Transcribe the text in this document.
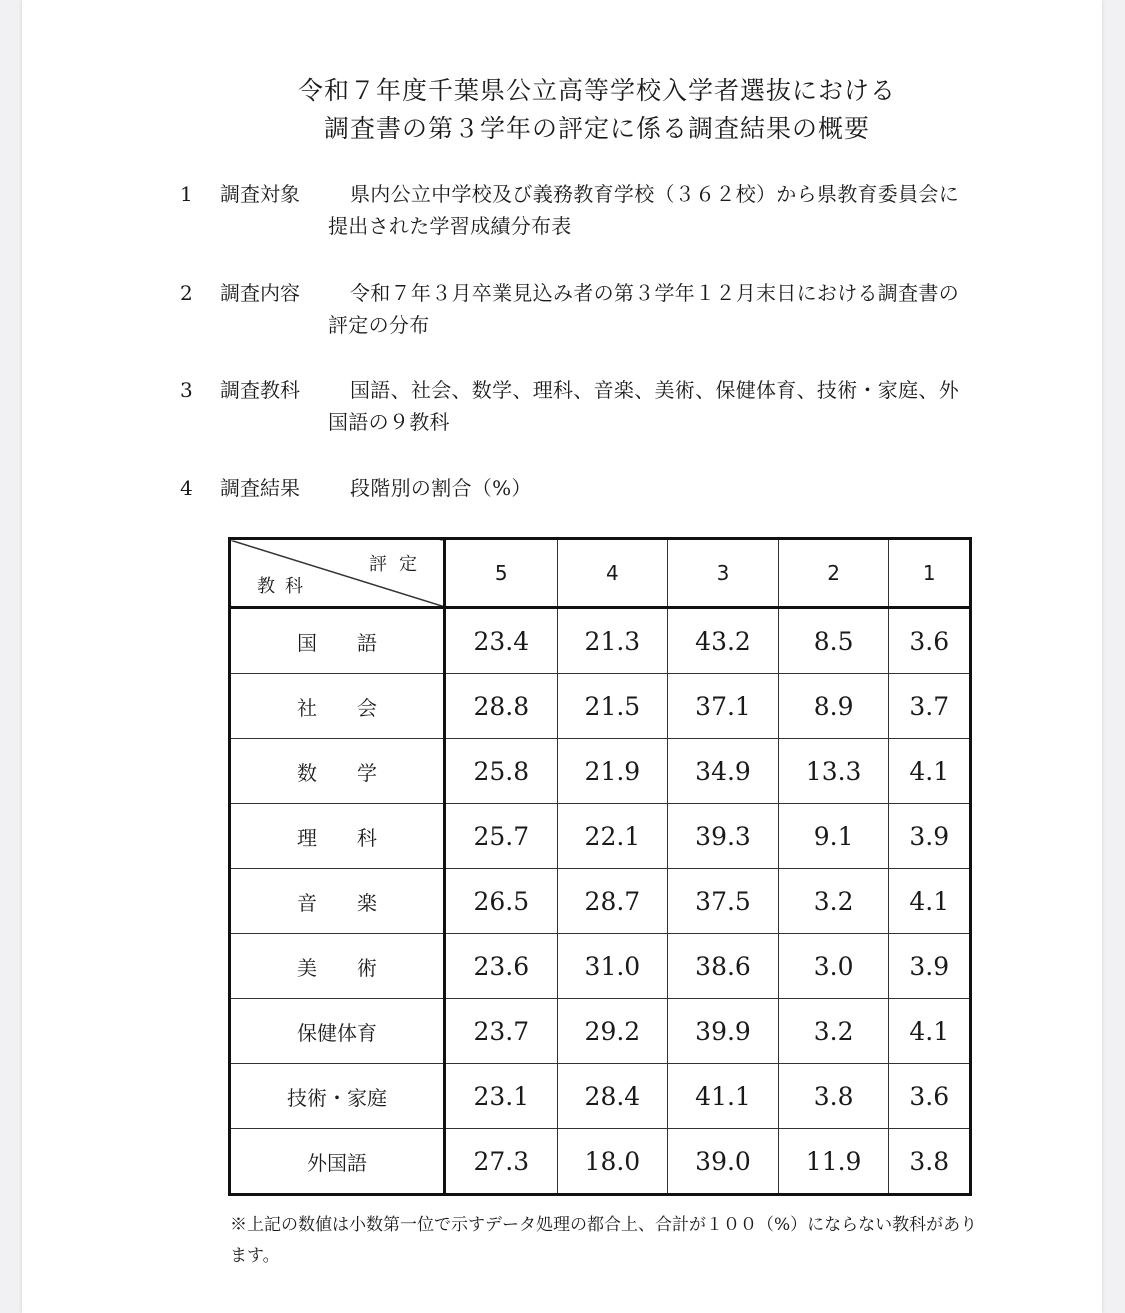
令和７年度千葉県公立高等学校入学者選抜における
調査書の第３学年の評定に係る調査結果の概要
1 調査対象	県内公立中学校及び義務教育学校（３６２校）から県教育委員会に提出された学習成績分布表
2 調査内容	令和７年３月卒業見込み者の第３学年１２月末日における調査書の評定の分布
3 調査教科	国語、社会、数学、理科、音楽、美術、保健体育、技術・家庭、外国語の９教科
4 調査結果	段階別の割合（%）
評定
教科	5	4	3	2	1
国　　語	23.4	21.3	43.2	8.5	3.6
社　　会	28.8	21.5	37.1	8.9	3.7
数　　学	25.8	21.9	34.9	13.3	4.1
理　　科	25.7	22.1	39.3	9.1	3.9
音　　楽	26.5	28.7	37.5	3.2	4.1
美　　術	23.6	31.0	38.6	3.0	3.9
保健体育	23.7	29.2	39.9	3.2	4.1
技術・家庭	23.1	28.4	41.1	3.8	3.6
外国語	27.3	18.0	39.0	11.9	3.8
※上記の数値は小数第一位で示すデータ処理の都合上、合計が１００（%）にならない教科があります。
